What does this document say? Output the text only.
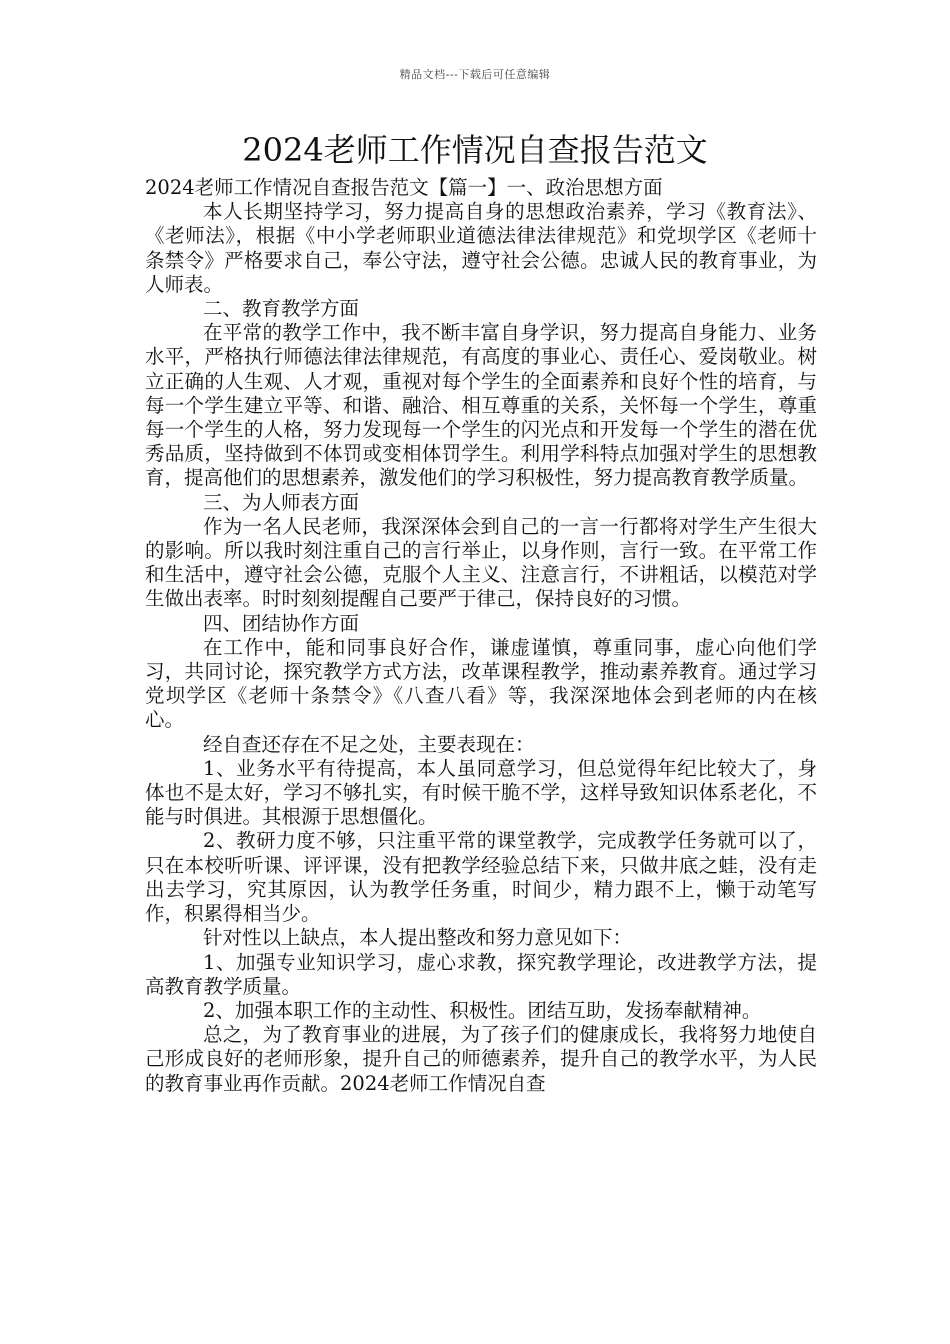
精品文档---下载后可任意编辑
2024老师工作情况自查报告范文

2024老师工作情况自查报告范文【篇一】一、政治思想方面

本人长期坚持学习，努力提高自身的思想政治素养，学习《教育法》、《老师法》，根据《中小学老师职业道德法律法律规范》和党坝学区《老师十条禁令》严格要求自己，奉公守法，遵守社会公德。忠诚人民的教育事业，为人师表。

二、教育教学方面

在平常的教学工作中，我不断丰富自身学识，努力提高自身能力、业务水平，严格执行师德法律法律规范，有高度的事业心、责任心、爱岗敬业。树立正确的人生观、人才观，重视对每个学生的全面素养和良好个性的培育，与每一个学生建立平等、和谐、融洽、相互尊重的关系，关怀每一个学生，尊重每一个学生的人格，努力发现每一个学生的闪光点和开发每一个学生的潜在优秀品质，坚持做到不体罚或变相体罚学生。利用学科特点加强对学生的思想教育，提高他们的思想素养，激发他们的学习积极性，努力提高教育教学质量。

三、为人师表方面

作为一名人民老师，我深深体会到自己的一言一行都将对学生产生很大的影响。所以我时刻注重自己的言行举止，以身作则，言行一致。在平常工作和生活中，遵守社会公德，克服个人主义、注意言行，不讲粗话，以模范对学生做出表率。时时刻刻提醒自己要严于律己，保持良好的习惯。

四、团结协作方面

在工作中，能和同事良好合作，谦虚谨慎，尊重同事，虚心向他们学习，共同讨论，探究教学方式方法，改革课程教学，推动素养教育。通过学习党坝学区《老师十条禁令》《八查八看》等，我深深地体会到老师的内在核心。

经自查还存在不足之处，主要表现在：

1、业务水平有待提高，本人虽同意学习，但总觉得年纪比较大了，身体也不是太好，学习不够扎实，有时候干脆不学，这样导致知识体系老化，不能与时俱进。其根源于思想僵化。

2、教研力度不够，只注重平常的课堂教学，完成教学任务就可以了，只在本校听听课、评评课，没有把教学经验总结下来，只做井底之蛙，没有走出去学习，究其原因，认为教学任务重，时间少，精力跟不上，懒于动笔写作，积累得相当少。

针对性以上缺点，本人提出整改和努力意见如下：

1、加强专业知识学习，虚心求教，探究教学理论，改进教学方法，提高教育教学质量。

2、加强本职工作的主动性、积极性。团结互助，发扬奉献精神。

总之，为了教育事业的进展，为了孩子们的健康成长，我将努力地使自己形成良好的老师形象，提升自己的师德素养，提升自己的教学水平，为人民的教育事业再作贡献。2024老师工作情况自查
